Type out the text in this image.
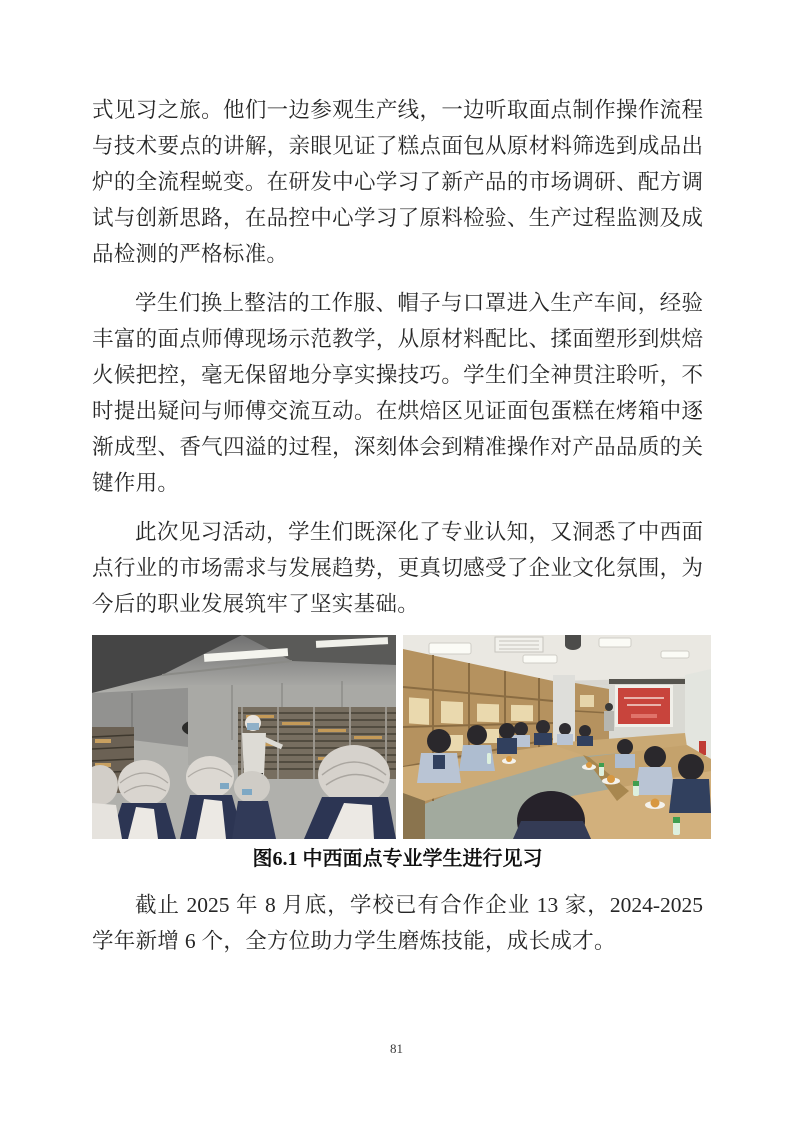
式见习之旅。他们一边参观生产线，一边听取面点制作操作流程
与技术要点的讲解，亲眼见证了糕点面包从原材料筛选到成品出
炉的全流程蜕变。在研发中心学习了新产品的市场调研、配方调
试与创新思路，在品控中心学习了原料检验、生产过程监测及成
品检测的严格标准。
学生们换上整洁的工作服、帽子与口罩进入生产车间，经验
丰富的面点师傅现场示范教学，从原材料配比、揉面塑形到烘焙
火候把控，毫无保留地分享实操技巧。学生们全神贯注聆听，不
时提出疑问与师傅交流互动。在烘焙区见证面包蛋糕在烤箱中逐
渐成型、香气四溢的过程，深刻体会到精准操作对产品品质的关
键作用。
此次见习活动，学生们既深化了专业认知，又洞悉了中西面
点行业的市场需求与发展趋势，更真切感受了企业文化氛围，为
今后的职业发展筑牢了坚实基础。
图6.1 中西面点专业学生进行见习
截止 2025 年 8 月底，学校已有合作企业 13 家，2024-2025
学年新增 6 个，全方位助力学生磨炼技能，成长成才。
81
